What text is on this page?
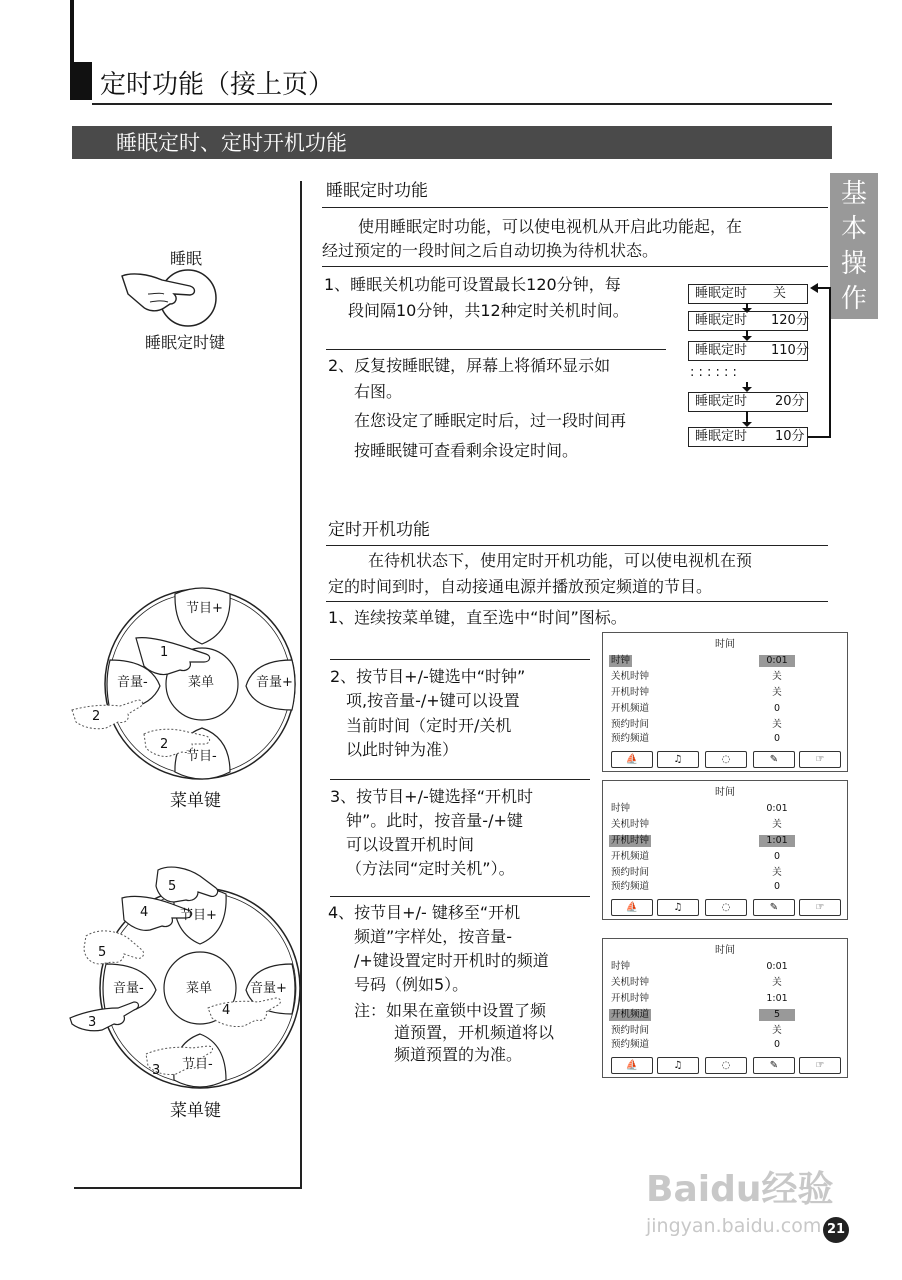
定时功能（接上页）
睡眠定时、定时开机功能
基
本
操
作
睡眠
睡眠定时键
节目+
节目-
音量-	音量+
菜单
1
2
2
菜单键
节目+
节目-
音量-	音量+
菜单
5
4
5
3
4
3
菜单键
睡眠定时功能
使用睡眠定时功能，可以使电视机从开启此功能起，在
经过预定的一段时间之后自动切换为待机状态。
1、睡眠关机功能可设置最长120分钟，每
段间隔10分钟，共12种定时关机时间。
2、反复按睡眠键，屏幕上将循环显示如
右图。
在您设定了睡眠定时后，过一段时间再
按睡眠键可查看剩余设定时间。
睡眠定时 关
睡眠定时 120分
睡眠定时 110分
: : : : : :
睡眠定时 20分
睡眠定时 10分
定时开机功能
在待机状态下，使用定时开机功能，可以使电视机在预
定的时间到时，自动接通电源并播放预定频道的节目。
1、连续按菜单键，直至选中“时间”图标。
2、按节目+/-键选中“时钟”
项,按音量-/+键可以设置
当前时间（定时开/关机
以此时钟为准）
3、按节目+/-键选择“开机时
钟”。此时，按音量-/+键
可以设置开机时间
（方法同“定时关机”）。
4、按节目+/- 键移至“开机
频道”字样处，按音量-
/+键设置定时开机时的频道
号码（例如5）。
注：如果在童锁中设置了频
道预置，开机频道将以
频道预置的为准。
时间
时钟	0:01
关机时钟	关
开机时钟	关
开机频道	0
预约时间	关
预约频道	0
⛵	♫	◌	✎	☞
时间
时钟	0:01
关机时钟	关
开机时钟	1:01
开机频道	0
预约时间	关
预约频道	0
⛵	♫	◌	✎	☞
时间
时钟	0:01
关机时钟	关
开机时钟	1:01
开机频道	5
预约时间	关
预约频道	0
⛵	♫	◌	✎	☞
Baidu经验
jingyan.baidu.com 21
